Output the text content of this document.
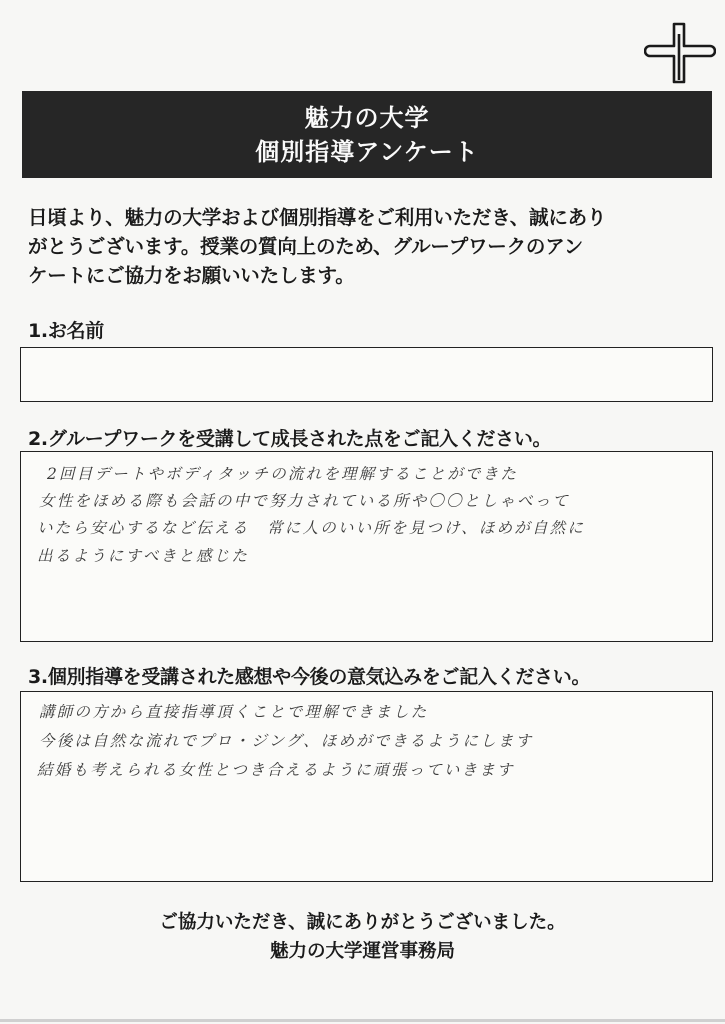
魅力の大学
個別指導アンケート
日頃より、魅力の大学および個別指導をご利用いただき、誠にあり
がとうございます。授業の質向上のため、グループワークのアン
ケートにご協力をお願いいたします。
1.お名前
2.グループワークを受講して成長された点をご記入ください。
2回目デートやボディタッチの流れを理解することができた
女性をほめる際も会話の中で努力されている所や〇〇としゃべって
いたら安心するなど伝える　常に人のいい所を見つけ、ほめが自然に
出るようにすべきと感じた
3.個別指導を受講された感想や今後の意気込みをご記入ください。
講師の方から直接指導頂くことで理解できました
今後は自然な流れでプロ・ジング、ほめができるようにします
結婚も考えられる女性とつき合えるように頑張っていきます
ご協力いただき、誠にありがとうございました。
魅力の大学運営事務局
